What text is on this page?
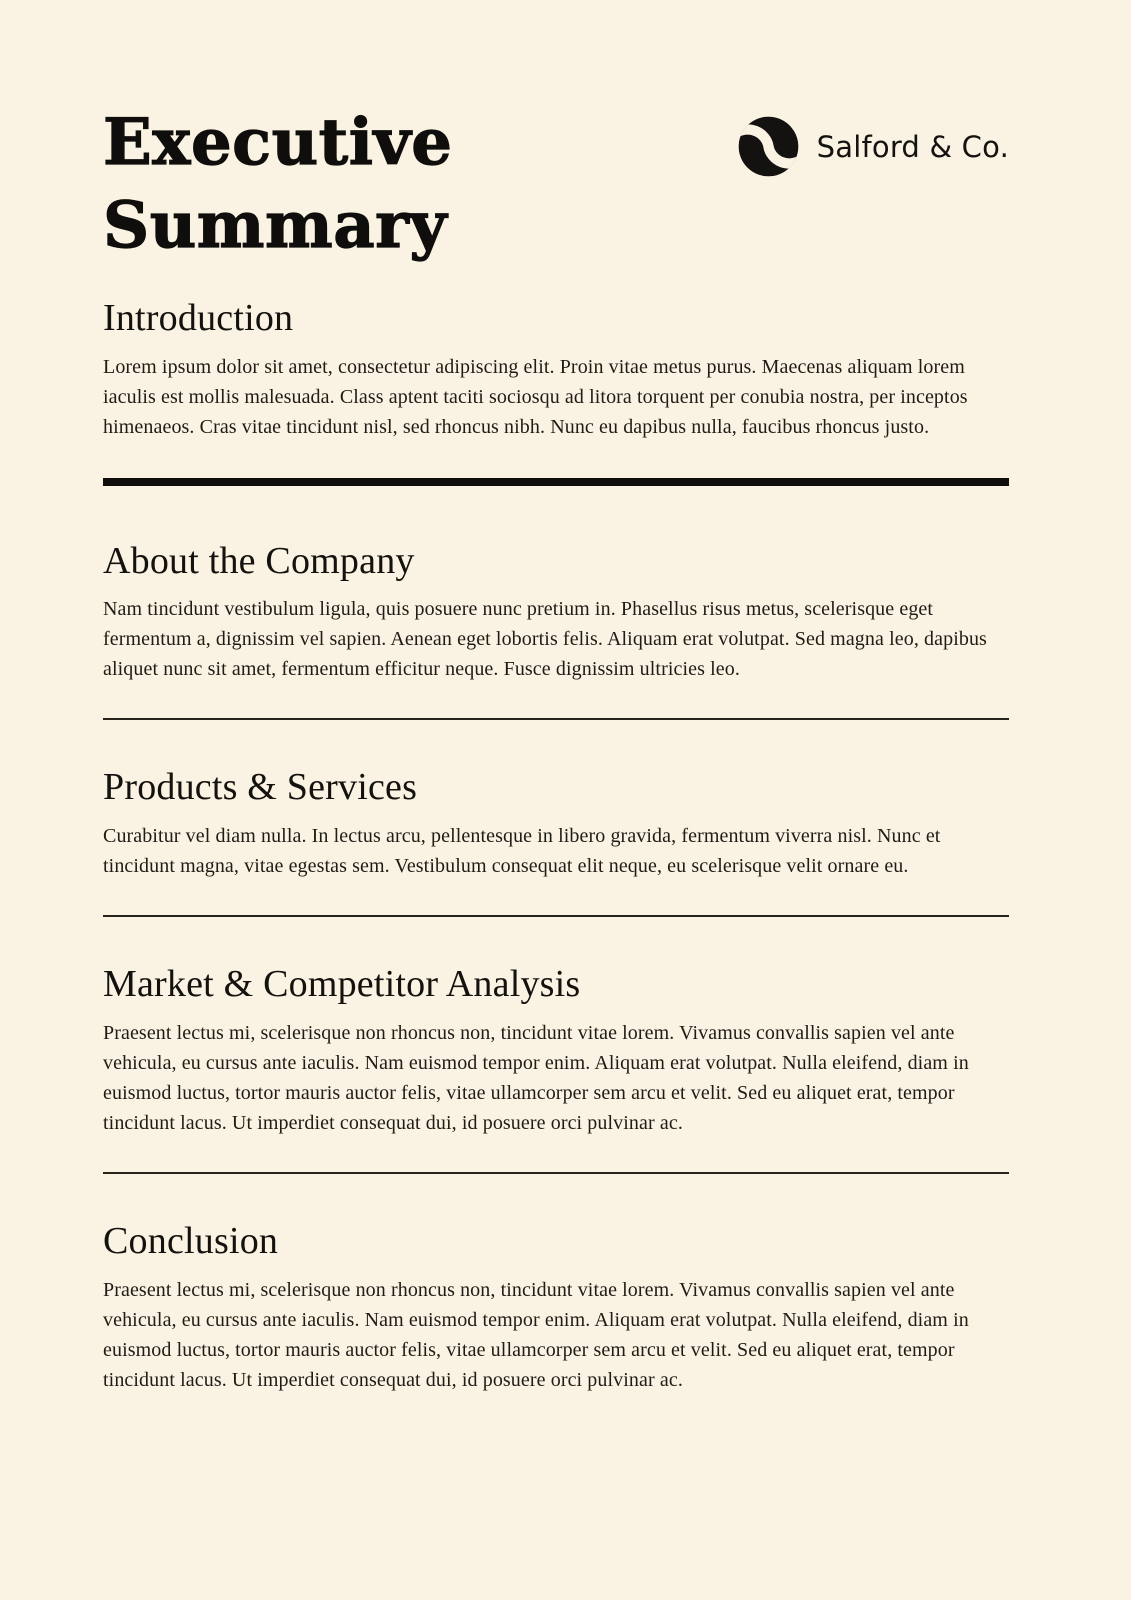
Executive Summary
Salford & Co.
Introduction

Lorem ipsum dolor sit amet, consectetur adipiscing elit. Proin vitae metus purus. Maecenas aliquam lorem iaculis est mollis malesuada. Class aptent taciti sociosqu ad litora torquent per conubia nostra, per inceptos himenaeos. Cras vitae tincidunt nisl, sed rhoncus nibh. Nunc eu dapibus nulla, faucibus rhoncus justo.

About the Company

Nam tincidunt vestibulum ligula, quis posuere nunc pretium in. Phasellus risus metus, scelerisque eget fermentum a, dignissim vel sapien. Aenean eget lobortis felis. Aliquam erat volutpat. Sed magna leo, dapibus aliquet nunc sit amet, fermentum efficitur neque. Fusce dignissim ultricies leo.

Products & Services

Curabitur vel diam nulla. In lectus arcu, pellentesque in libero gravida, fermentum viverra nisl. Nunc et tincidunt magna, vitae egestas sem. Vestibulum consequat elit neque, eu scelerisque velit ornare eu.

Market & Competitor Analysis

Praesent lectus mi, scelerisque non rhoncus non, tincidunt vitae lorem. Vivamus convallis sapien vel ante vehicula, eu cursus ante iaculis. Nam euismod tempor enim. Aliquam erat volutpat. Nulla eleifend, diam in euismod luctus, tortor mauris auctor felis, vitae ullamcorper sem arcu et velit. Sed eu aliquet erat, tempor tincidunt lacus. Ut imperdiet consequat dui, id posuere orci pulvinar ac.

Conclusion

Praesent lectus mi, scelerisque non rhoncus non, tincidunt vitae lorem. Vivamus convallis sapien vel ante vehicula, eu cursus ante iaculis. Nam euismod tempor enim. Aliquam erat volutpat. Nulla eleifend, diam in euismod luctus, tortor mauris auctor felis, vitae ullamcorper sem arcu et velit. Sed eu aliquet erat, tempor tincidunt lacus. Ut imperdiet consequat dui, id posuere orci pulvinar ac.
